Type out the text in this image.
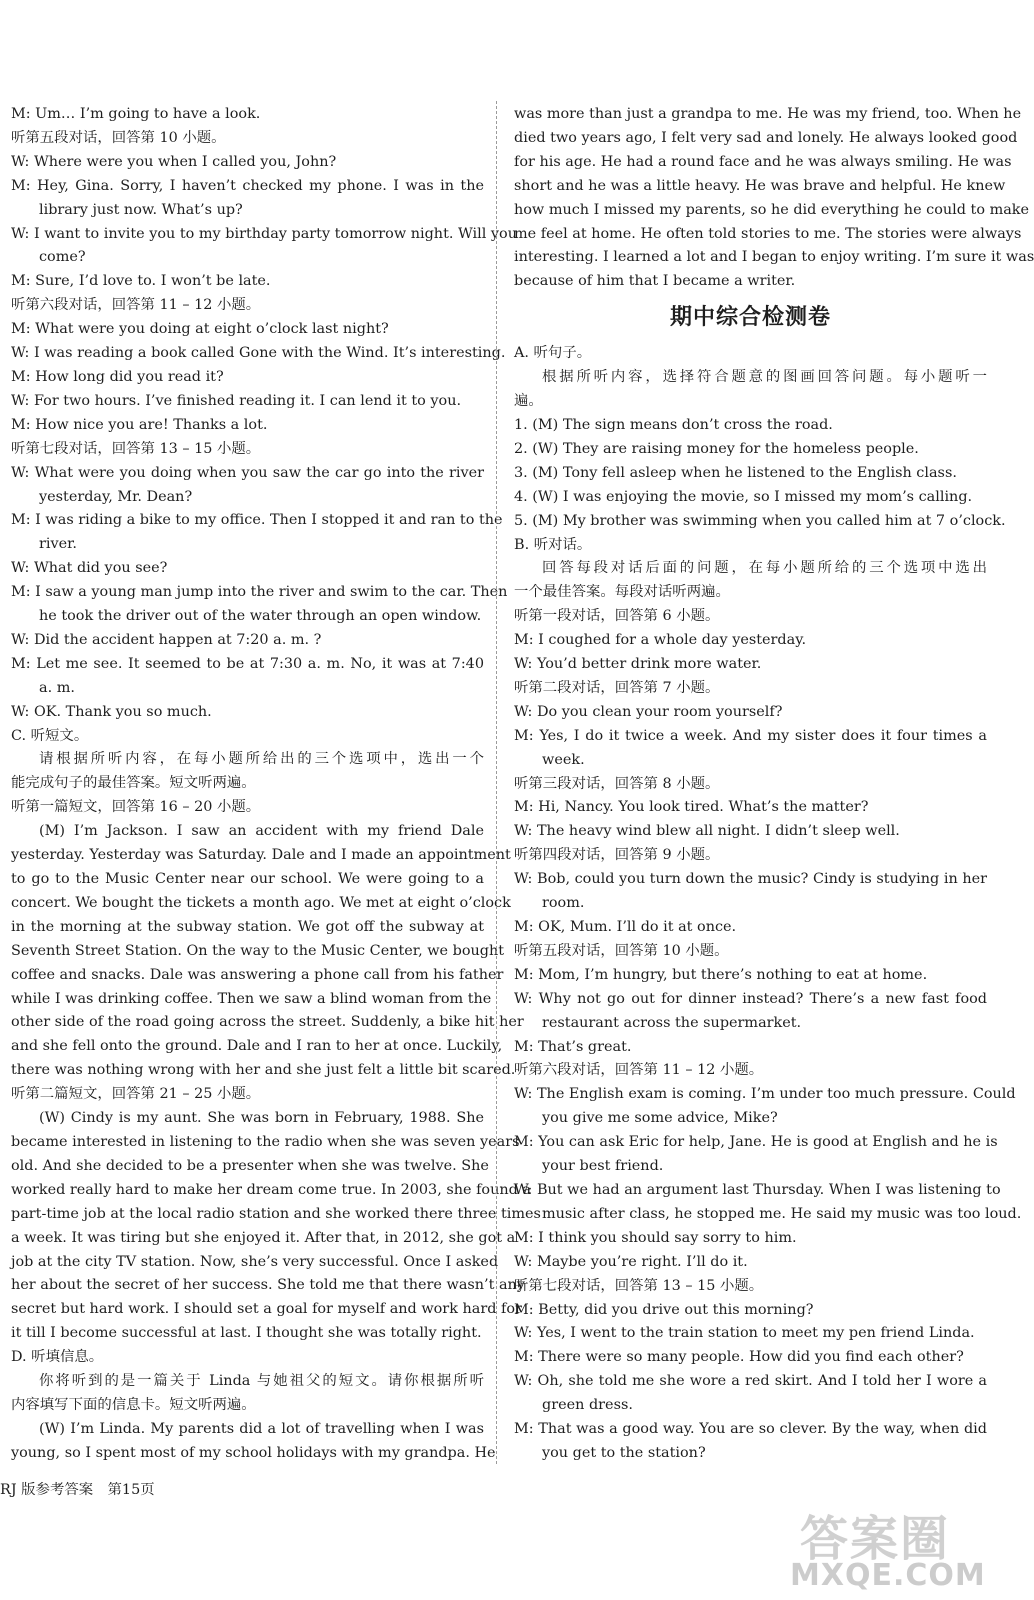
M: Um… I’m going to have a look.
听第五段对话，回答第 10 小题。
W: Where were you when I called you, John?
M: Hey, Gina. Sorry, I haven’t checked my phone. I was in the
library just now. What’s up?
W: I want to invite you to my birthday party tomorrow night. Will you
come?
M: Sure, I’d love to. I won’t be late.
听第六段对话，回答第 11 – 12 小题。
M: What were you doing at eight o’clock last night?
W: I was reading a book called Gone with the Wind. It’s interesting.
M: How long did you read it?
W: For two hours. I’ve finished reading it. I can lend it to you.
M: How nice you are! Thanks a lot.
听第七段对话，回答第 13 – 15 小题。
W: What were you doing when you saw the car go into the river
yesterday, Mr. Dean?
M: I was riding a bike to my office. Then I stopped it and ran to the
river.
W: What did you see?
M: I saw a young man jump into the river and swim to the car. Then
he took the driver out of the water through an open window.
W: Did the accident happen at 7:20 a. m. ?
M: Let me see. It seemed to be at 7:30 a. m. No, it was at 7:40
a. m.
W: OK. Thank you so much.
C. 听短文。
请根据所听内容，在每小题所给出的三个选项中，选出一个
能完成句子的最佳答案。短文听两遍。
听第一篇短文，回答第 16 – 20 小题。
(M) I’m Jackson. I saw an accident with my friend Dale
yesterday. Yesterday was Saturday. Dale and I made an appointment
to go to the Music Center near our school. We were going to a
concert. We bought the tickets a month ago. We met at eight o’clock
in the morning at the subway station. We got off the subway at
Seventh Street Station. On the way to the Music Center, we bought
coffee and snacks. Dale was answering a phone call from his father
while I was drinking coffee. Then we saw a blind woman from the
other side of the road going across the street. Suddenly, a bike hit her
and she fell onto the ground. Dale and I ran to her at once. Luckily,
there was nothing wrong with her and she just felt a little bit scared.
听第二篇短文，回答第 21 – 25 小题。
(W) Cindy is my aunt. She was born in February, 1988. She
became interested in listening to the radio when she was seven years
old. And she decided to be a presenter when she was twelve. She
worked really hard to make her dream come true. In 2003, she found a
part-time job at the local radio station and she worked there three times
a week. It was tiring but she enjoyed it. After that, in 2012, she got a
job at the city TV station. Now, she’s very successful. Once I asked
her about the secret of her success. She told me that there wasn’t any
secret but hard work. I should set a goal for myself and work hard for
it till I become successful at last. I thought she was totally right.
D. 听填信息。
你将听到的是一篇关于 Linda 与她祖父的短文。请你根据所听
内容填写下面的信息卡。短文听两遍。
(W) I’m Linda. My parents did a lot of travelling when I was
young, so I spent most of my school holidays with my grandpa. He
was more than just a grandpa to me. He was my friend, too. When he
died two years ago, I felt very sad and lonely. He always looked good
for his age. He had a round face and he was always smiling. He was
short and he was a little heavy. He was brave and helpful. He knew
how much I missed my parents, so he did everything he could to make
me feel at home. He often told stories to me. The stories were always
interesting. I learned a lot and I began to enjoy writing. I’m sure it was
because of him that I became a writer.
期中综合检测卷
A. 听句子。
根据所听内容，选择符合题意的图画回答问题。每小题听一
遍。
1. (M) The sign means don’t cross the road.
2. (W) They are raising money for the homeless people.
3. (M) Tony fell asleep when he listened to the English class.
4. (W) I was enjoying the movie, so I missed my mom’s calling.
5. (M) My brother was swimming when you called him at 7 o’clock.
B. 听对话。
回答每段对话后面的问题，在每小题所给的三个选项中选出
一个最佳答案。每段对话听两遍。
听第一段对话，回答第 6 小题。
M: I coughed for a whole day yesterday.
W: You’d better drink more water.
听第二段对话，回答第 7 小题。
W: Do you clean your room yourself?
M: Yes, I do it twice a week. And my sister does it four times a
week.
听第三段对话，回答第 8 小题。
M: Hi, Nancy. You look tired. What’s the matter?
W: The heavy wind blew all night. I didn’t sleep well.
听第四段对话，回答第 9 小题。
W: Bob, could you turn down the music? Cindy is studying in her
room.
M: OK, Mum. I’ll do it at once.
听第五段对话，回答第 10 小题。
M: Mom, I’m hungry, but there’s nothing to eat at home.
W: Why not go out for dinner instead? There’s a new fast food
restaurant across the supermarket.
M: That’s great.
听第六段对话，回答第 11 – 12 小题。
W: The English exam is coming. I’m under too much pressure. Could
you give me some advice, Mike?
M: You can ask Eric for help, Jane. He is good at English and he is
your best friend.
W: But we had an argument last Thursday. When I was listening to
music after class, he stopped me. He said my music was too loud.
M: I think you should say sorry to him.
W: Maybe you’re right. I’ll do it.
听第七段对话，回答第 13 – 15 小题。
M: Betty, did you drive out this morning?
W: Yes, I went to the train station to meet my pen friend Linda.
M: There were so many people. How did you find each other?
W: Oh, she told me she wore a red skirt. And I told her I wore a
green dress.
M: That was a good way. You are so clever. By the way, when did
you get to the station?
RJ 版参考答案　第15页
答案圈
MXQE.COM
